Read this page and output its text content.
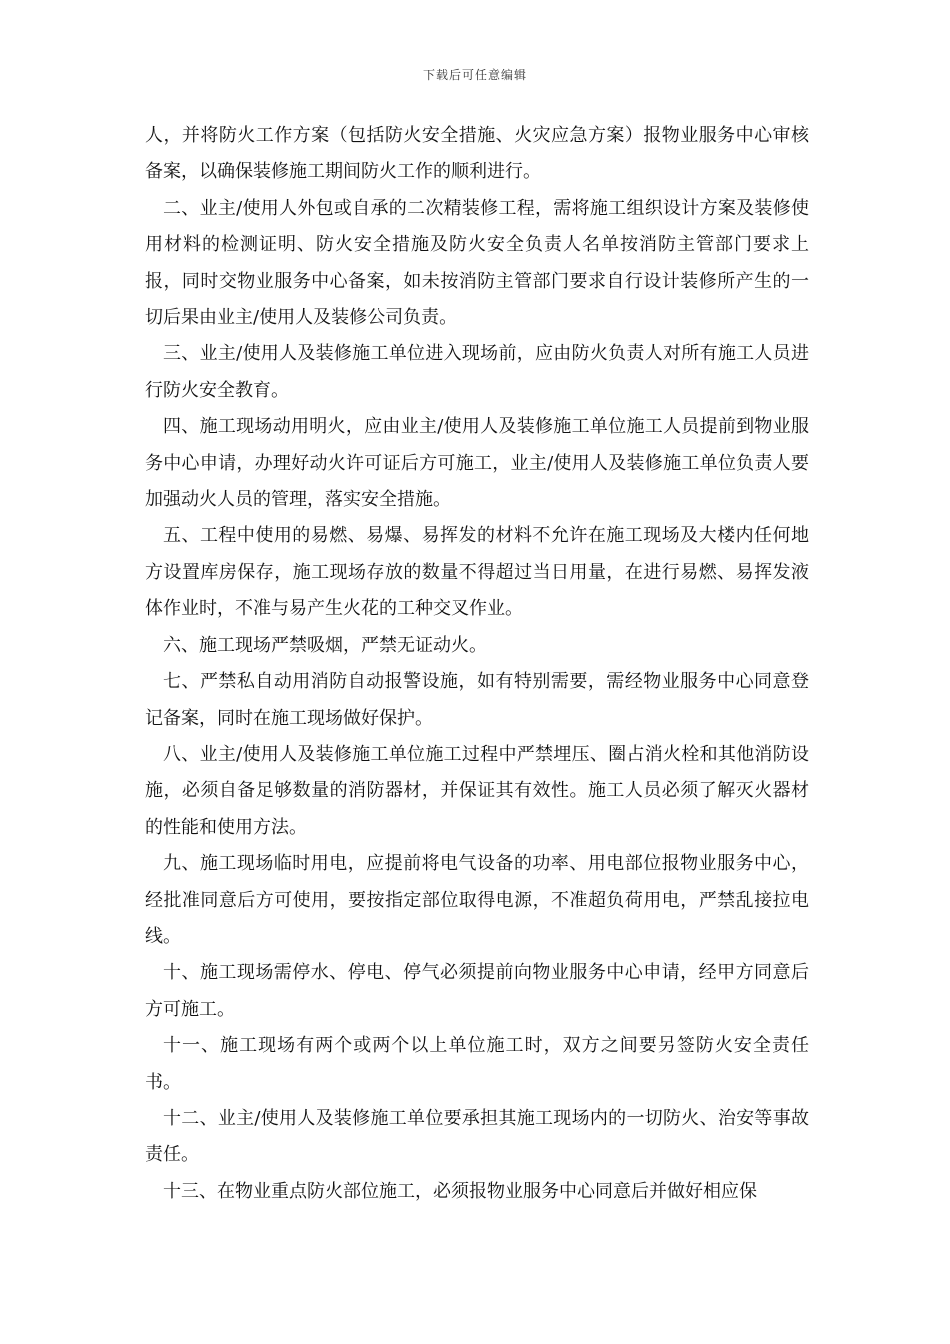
下载后可任意编辑

人，并将防火工作方案（包括防火安全措施、火灾应急方案）报物业服务中心审核备案，以确保装修施工期间防火工作的顺利进行。

二、业主/使用人外包或自承的二次精装修工程，需将施工组织设计方案及装修使用材料的检测证明、防火安全措施及防火安全负责人名单按消防主管部门要求上报，同时交物业服务中心备案，如未按消防主管部门要求自行设计装修所产生的一切后果由业主/使用人及装修公司负责。

三、业主/使用人及装修施工单位进入现场前，应由防火负责人对所有施工人员进行防火安全教育。

四、施工现场动用明火，应由业主/使用人及装修施工单位施工人员提前到物业服务中心申请，办理好动火许可证后方可施工，业主/使用人及装修施工单位负责人要加强动火人员的管理，落实安全措施。

五、工程中使用的易燃、易爆、易挥发的材料不允许在施工现场及大楼内任何地方设置库房保存，施工现场存放的数量不得超过当日用量，在进行易燃、易挥发液体作业时，不准与易产生火花的工种交叉作业。

六、施工现场严禁吸烟，严禁无证动火。

七、严禁私自动用消防自动报警设施，如有特别需要，需经物业服务中心同意登记备案，同时在施工现场做好保护。

八、业主/使用人及装修施工单位施工过程中严禁埋压、圈占消火栓和其他消防设施，必须自备足够数量的消防器材，并保证其有效性。施工人员必须了解灭火器材的性能和使用方法。

九、施工现场临时用电，应提前将电气设备的功率、用电部位报物业服务中心，经批准同意后方可使用，要按指定部位取得电源，不准超负荷用电，严禁乱接拉电线。

十、施工现场需停水、停电、停气必须提前向物业服务中心申请，经甲方同意后方可施工。

十一、施工现场有两个或两个以上单位施工时，双方之间要另签防火安全责任书。

十二、业主/使用人及装修施工单位要承担其施工现场内的一切防火、治安等事故责任。

十三、在物业重点防火部位施工，必须报物业服务中心同意后并做好相应保
